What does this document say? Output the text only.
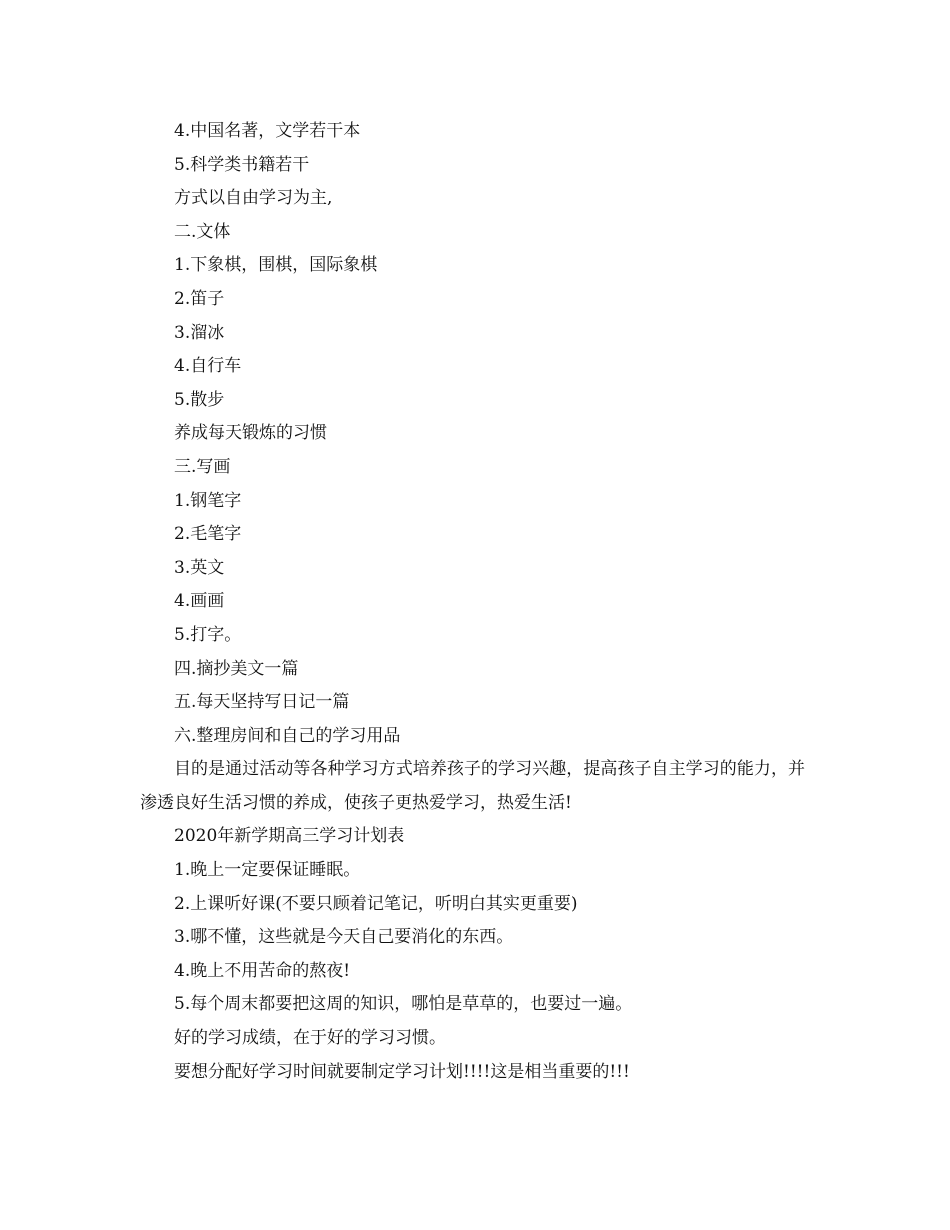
4.中国名著，文学若干本
5.科学类书籍若干
方式以自由学习为主,
二.文体
1.下象棋，围棋，国际象棋
2.笛子
3.溜冰
4.自行车
5.散步
养成每天锻炼的习惯
三.写画
1.钢笔字
2.毛笔字
3.英文
4.画画
5.打字。
四.摘抄美文一篇
五.每天坚持写日记一篇
六.整理房间和自己的学习用品
目的是通过活动等各种学习方式培养孩子的学习兴趣，提高孩子自主学习的能力，并渗透良好生活习惯的养成，使孩子更热爱学习，热爱生活!
2020年新学期高三学习计划表
1.晚上一定要保证睡眠。
2.上课听好课(不要只顾着记笔记，听明白其实更重要)
3.哪不懂，这些就是今天自己要消化的东西。
4.晚上不用苦命的熬夜!
5.每个周末都要把这周的知识，哪怕是草草的，也要过一遍。
好的学习成绩，在于好的学习习惯。
要想分配好学习时间就要制定学习计划!!!!这是相当重要的!!!
